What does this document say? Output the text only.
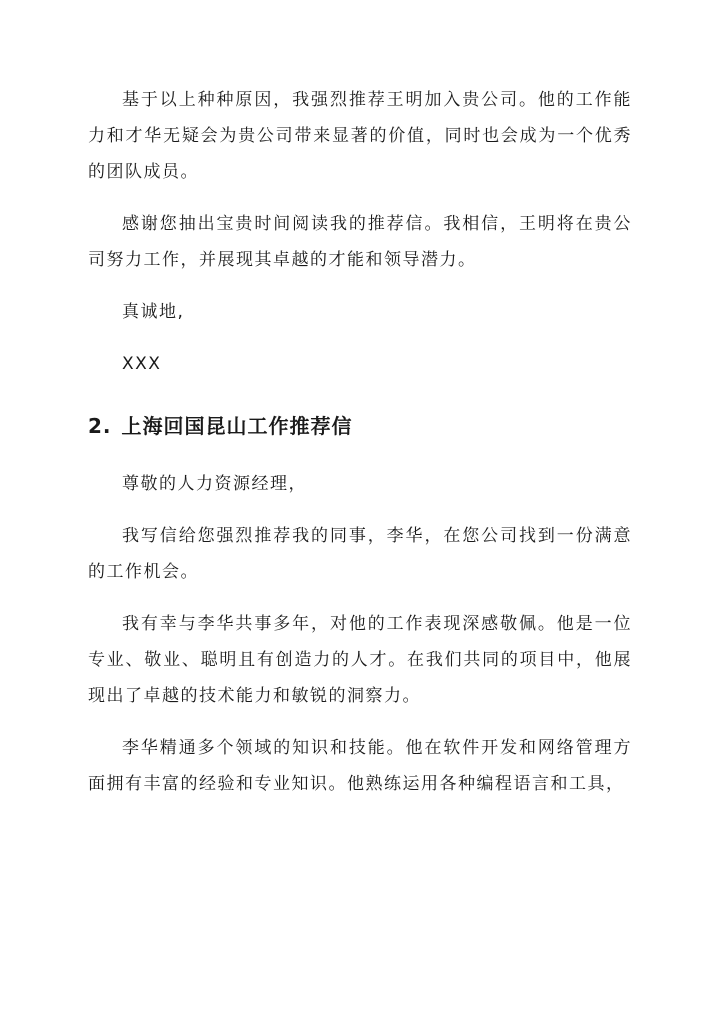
基于以上种种原因，我强烈推荐王明加入贵公司。他的工作能力和才华无疑会为贵公司带来显著的价值，同时也会成为一个优秀的团队成员。

感谢您抽出宝贵时间阅读我的推荐信。我相信，王明将在贵公司努力工作，并展现其卓越的才能和领导潜力。

真诚地,

XXX

2. 上海回国昆山工作推荐信

尊敬的人力资源经理，

我写信给您强烈推荐我的同事，李华，在您公司找到一份满意的工作机会。

我有幸与李华共事多年，对他的工作表现深感敬佩。他是一位专业、敬业、聪明且有创造力的人才。在我们共同的项目中，他展现出了卓越的技术能力和敏锐的洞察力。

李华精通多个领域的知识和技能。他在软件开发和网络管理方面拥有丰富的经验和专业知识。他熟练运用各种编程语言和工具，
